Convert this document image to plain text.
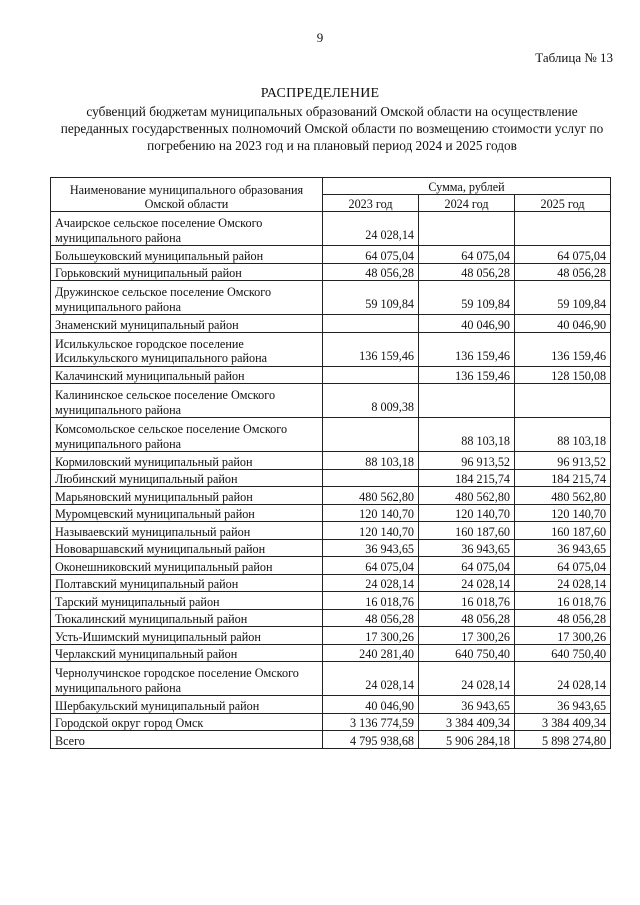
9
Таблица № 13
РАСПРЕДЕЛЕНИЕ
субвенций бюджетам муниципальных образований Омской области на осуществление переданных государственных полномочий Омской области по возмещению стоимости услуг по погребению на 2023 год и на плановый период 2024 и 2025 годов
Наименование муниципального образования Омской области	Сумма, рублей		
	2023 год	2024 год	2025 год
Ачаирское сельское поселение Омского муниципального района	24 028,14		
Большеуковский муниципальный район	64 075,04	64 075,04	64 075,04
Горьковский муниципальный район	48 056,28	48 056,28	48 056,28
Дружинское сельское поселение Омского муниципального района	59 109,84	59 109,84	59 109,84
Знаменский муниципальный район		40 046,90	40 046,90
Исилькульское городское поселение Исилькульского муниципального района	136 159,46	136 159,46	136 159,46
Калачинский муниципальный район		136 159,46	128 150,08
Калининское сельское поселение Омского муниципального района	8 009,38		
Комсомольское сельское поселение Омского муниципального района		88 103,18	88 103,18
Кормиловский муниципальный район	88 103,18	96 913,52	96 913,52
Любинский муниципальный район		184 215,74	184 215,74
Марьяновский муниципальный район	480 562,80	480 562,80	480 562,80
Муромцевский муниципальный район	120 140,70	120 140,70	120 140,70
Называевский муниципальный район	120 140,70	160 187,60	160 187,60
Нововаршавский муниципальный район	36 943,65	36 943,65	36 943,65
Оконешниковский муниципальный район	64 075,04	64 075,04	64 075,04
Полтавский муниципальный район	24 028,14	24 028,14	24 028,14
Тарский муниципальный район	16 018,76	16 018,76	16 018,76
Тюкалинский муниципальный район	48 056,28	48 056,28	48 056,28
Усть-Ишимский муниципальный район	17 300,26	17 300,26	17 300,26
Черлакский муниципальный район	240 281,40	640 750,40	640 750,40
Чернолучинское городское поселение Омского муниципального района	24 028,14	24 028,14	24 028,14
Шербакульский муниципальный район	40 046,90	36 943,65	36 943,65
Городской округ город Омск	3 136 774,59	3 384 409,34	3 384 409,34
Всего	4 795 938,68	5 906 284,18	5 898 274,80
